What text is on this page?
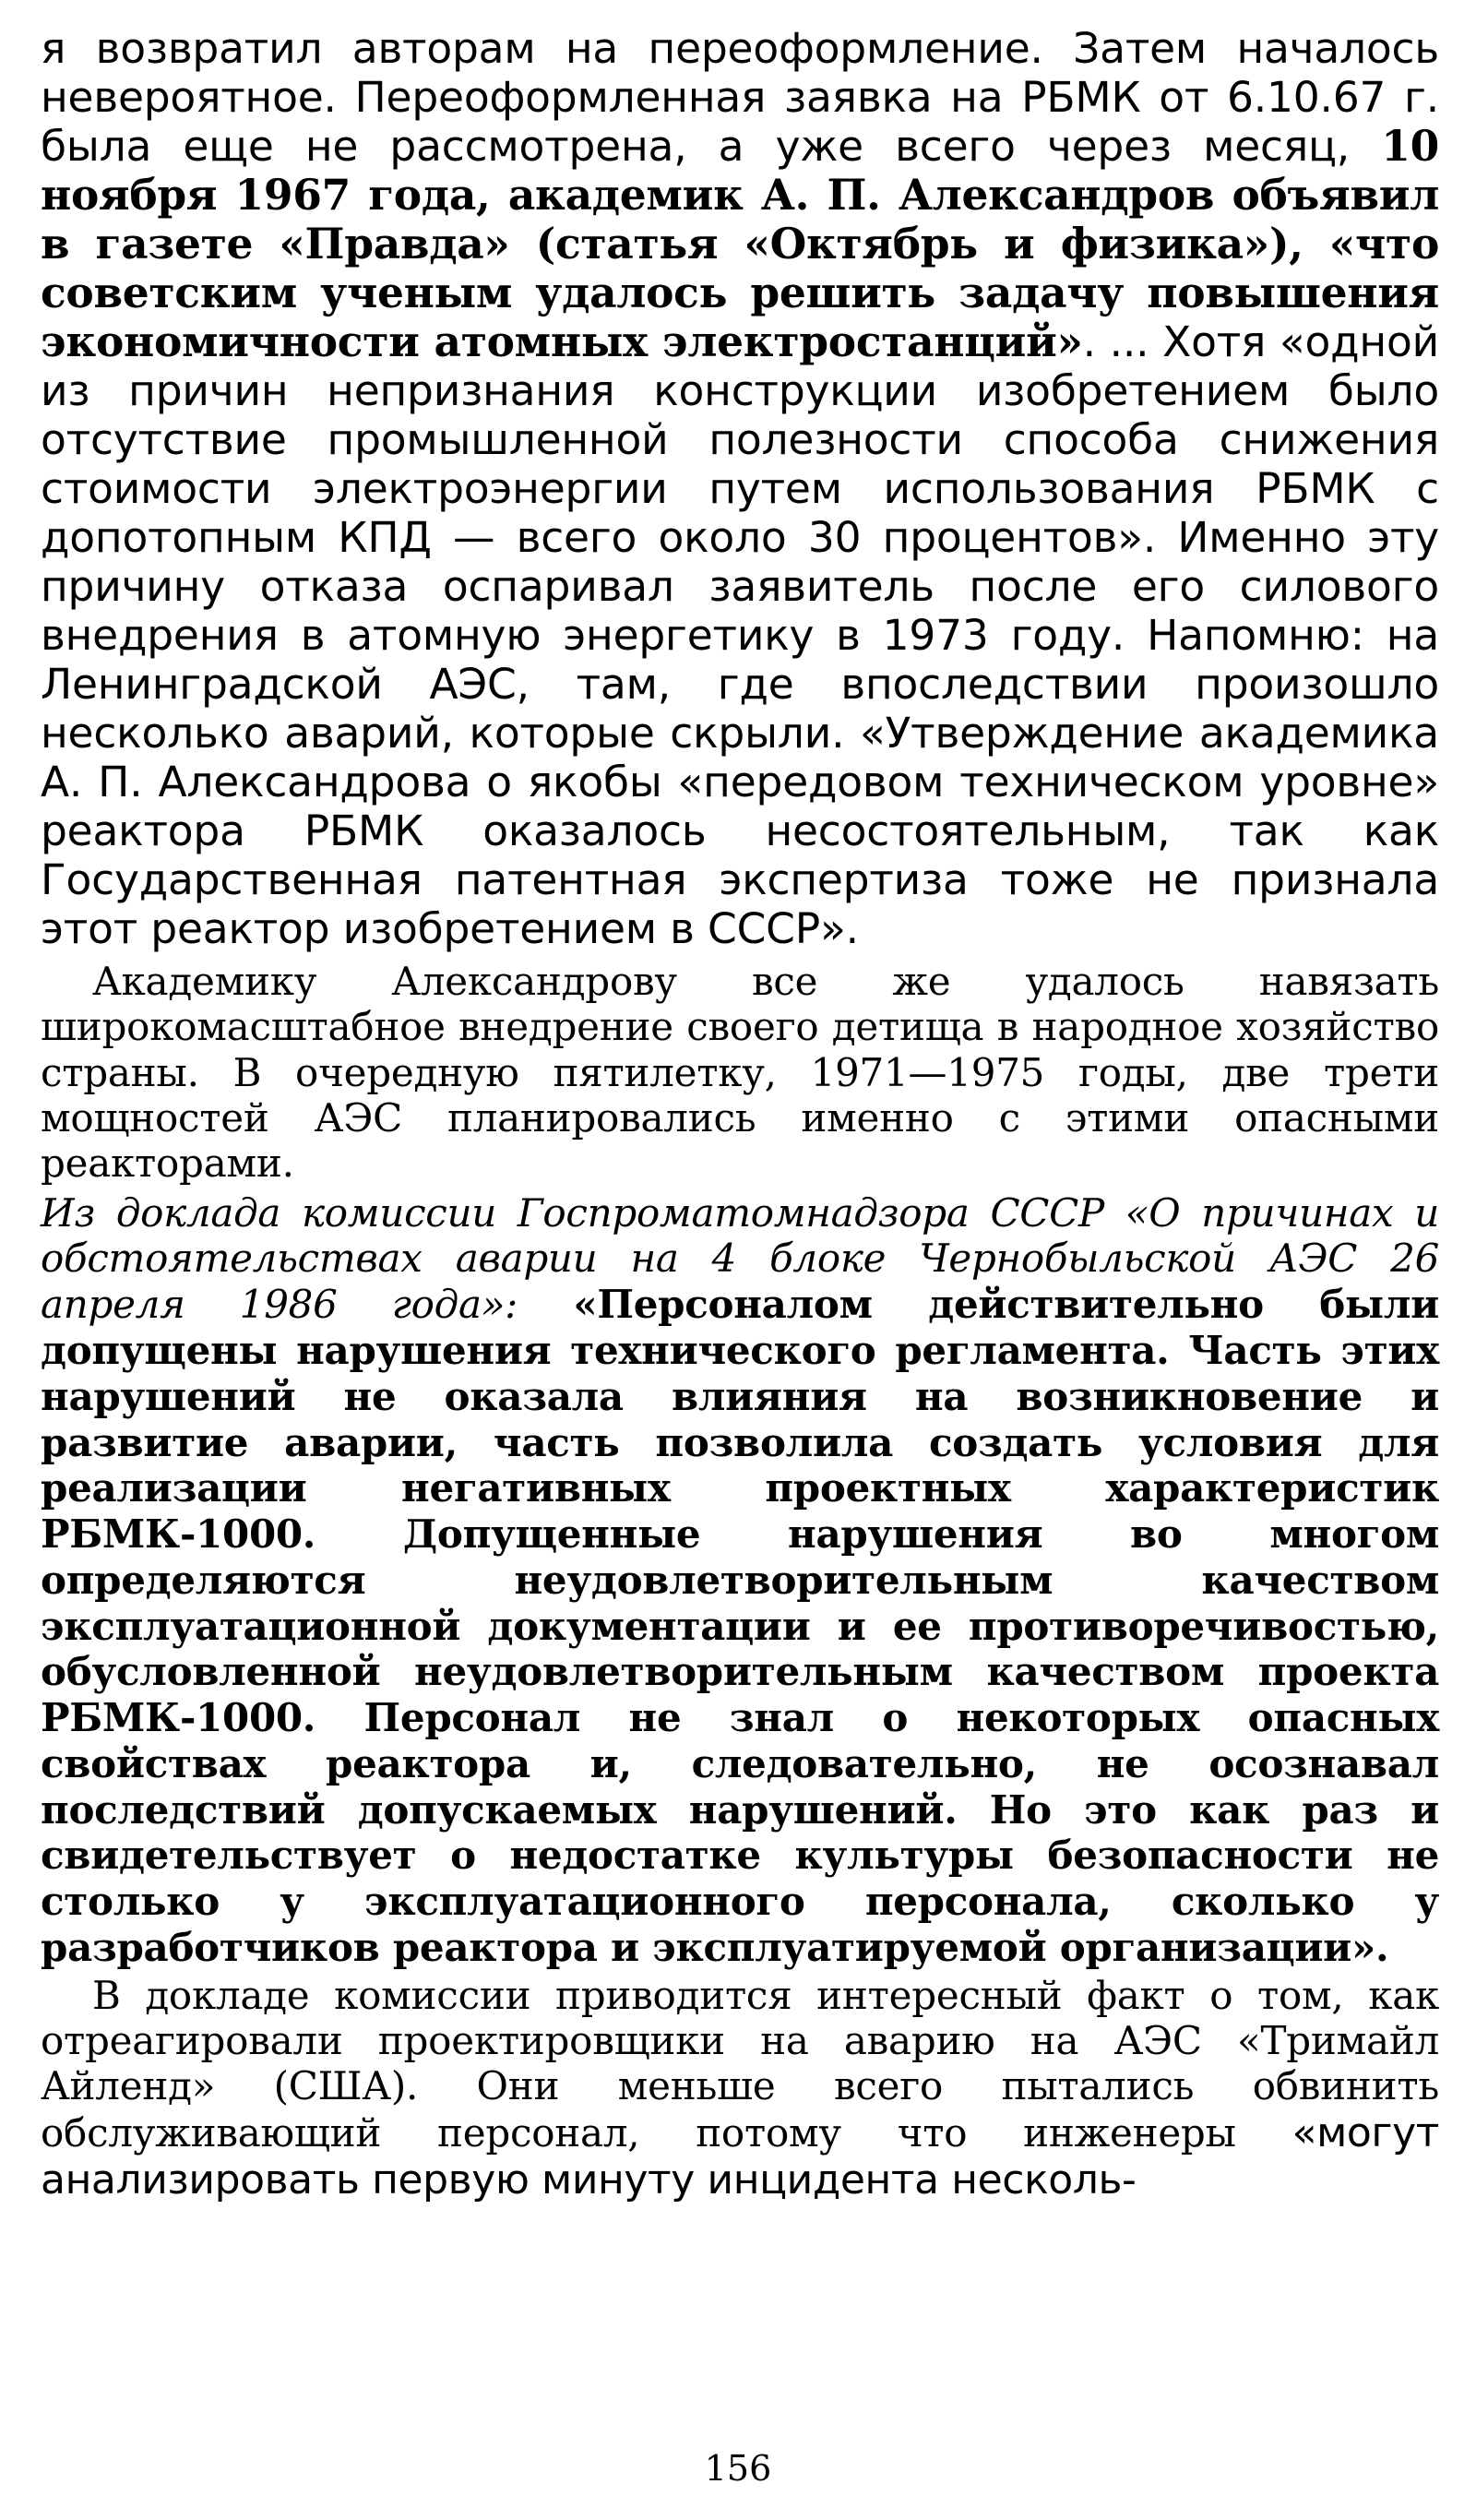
я возвратил авторам на переоформление. Затем началось невероятное. Переоформленная заявка на РБМК от 6.10.67 г. была еще не рассмотрена, а уже всего через месяц, 10 ноября 1967 года, академик А. П. Александров объявил в газете «Правда» (статья «Октябрь и физика»), «что советским ученым удалось решить задачу повышения экономичности атомных электростанций». ... Хотя «одной из причин непризнания конструкции изобретением было отсутствие промышленной полезности способа снижения стоимости электроэнергии путем использования РБМК с допотопным КПД — всего около 30 процентов». Именно эту причину отказа оспаривал заявитель после его силового внедрения в атомную энергетику в 1973 году. Напомню: на Ленинградской АЭС, там, где впоследствии произошло несколько аварий, которые скрыли. «Утверждение академика А. П. Александрова о якобы «передовом техническом уровне» реактора РБМК оказалось несостоятельным, так как Государственная патентная экспертиза тоже не признала этот реактор изобретением в СССР».

Академику Александрову все же удалось навязать широкомасштабное внедрение своего детища в народное хозяйство страны. В очередную пятилетку, 1971—1975 годы, две трети мощностей АЭС планировались именно с этими опасными реакторами.

Из доклада комиссии Госпроматомнадзора СССР «О причинах и обстоятельствах аварии на 4 блоке Чернобыльской АЭС 26 апреля 1986 года»: «Персоналом действительно были допущены нарушения технического регламента. Часть этих нарушений не оказала влияния на возникновение и развитие аварии, часть позволила создать условия для реализации негативных проектных характеристик РБМК-1000. Допущенные нарушения во многом определяются неудовлетворительным качеством эксплуатационной документации и ее противоречивостью, обусловленной неудовлетворительным качеством проекта РБМК-1000. Персонал не знал о некоторых опасных свойствах реактора и, следовательно, не осознавал последствий допускаемых нарушений. Но это как раз и свидетельствует о недостатке культуры безопасности не столько у эксплуатационного персонала, сколько у разработчиков реактора и эксплуатируемой организации».

В докладе комиссии приводится интересный факт о том, как отреагировали проектировщики на аварию на АЭС «Тримайл Айленд» (США). Они меньше всего пытались обвинить обслуживающий персонал, потому что инженеры «могут анализировать первую минуту инцидента несколь-

156
